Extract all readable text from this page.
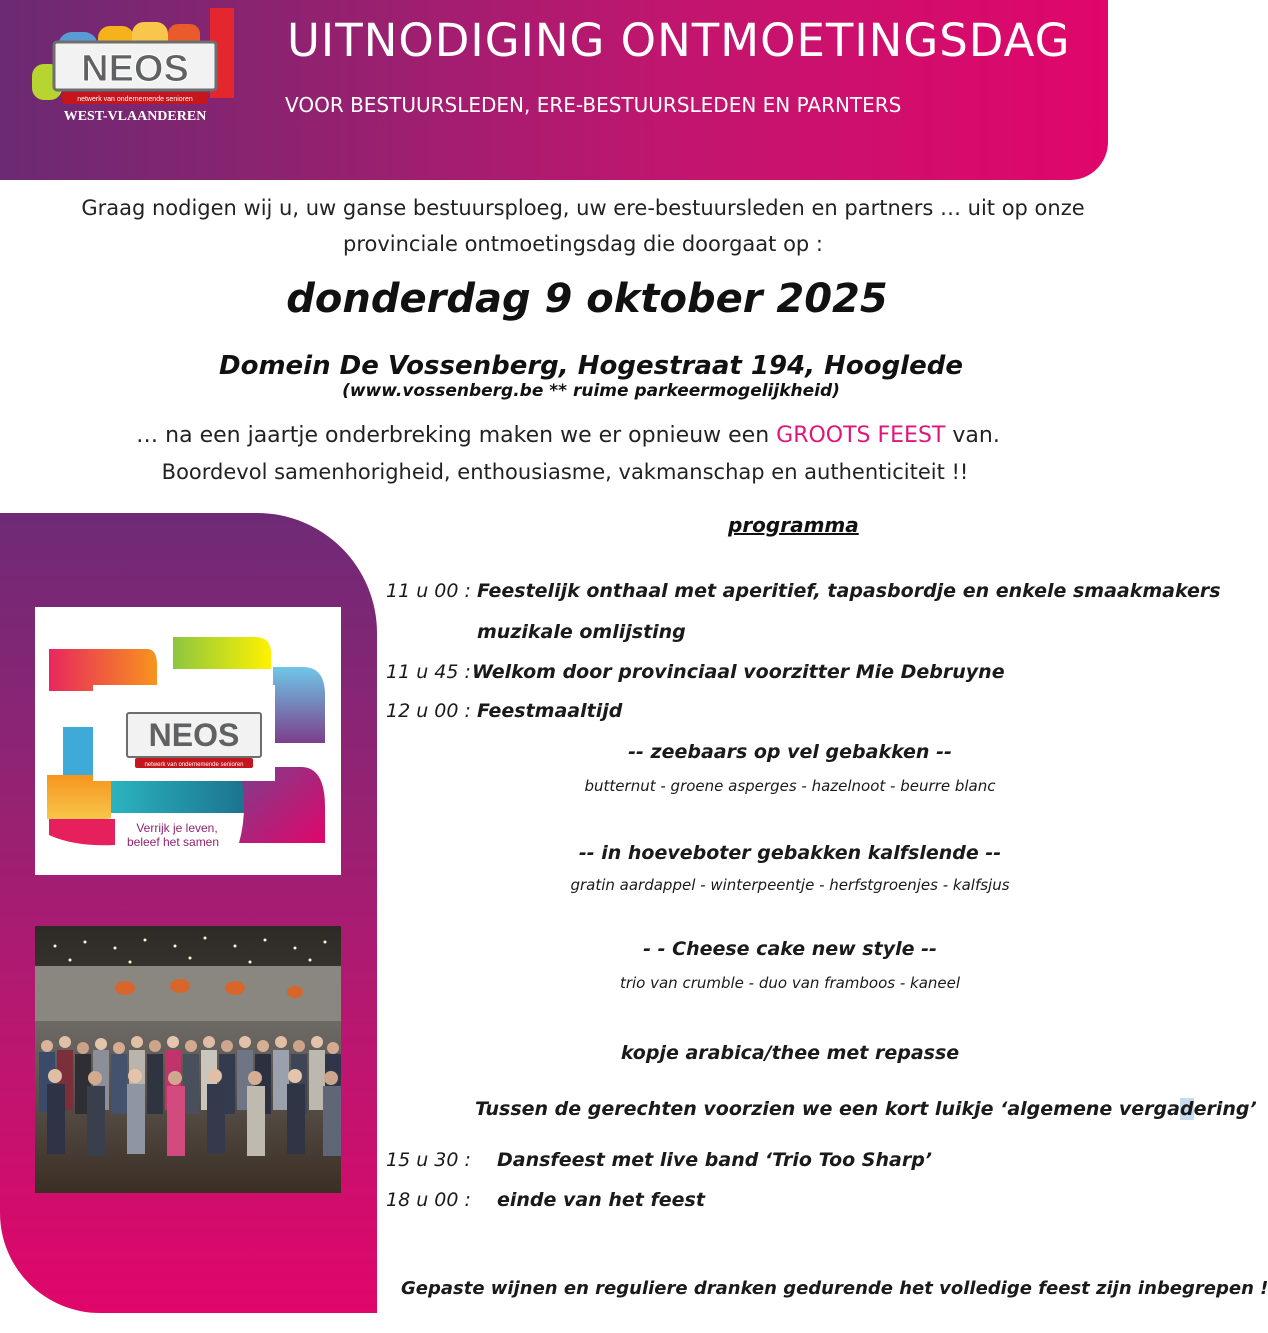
NEOS
netwerk van ondernemende senioren
WEST-VLAANDEREN
UITNODIGING ONTMOETINGSDAG
VOOR BESTUURSLEDEN, ERE-BESTUURSLEDEN EN PARNTERS
Graag nodigen wij u, uw ganse bestuursploeg, uw ere-bestuursleden en partners … uit op onze
provinciale ontmoetingsdag die doorgaat op :
donderdag 9 oktober 2025
Domein De Vossenberg, Hogestraat 194, Hooglede
(www.vossenberg.be ** ruime parkeermogelijkheid)
… na een jaartje onderbreking maken we er opnieuw een GROOTS FEEST van.
Boordevol samenhorigheid, enthousiasme, vakmanschap en authenticiteit !!
NEOS
netwerk van ondernemende senioren
Verrijk je leven,
beleef het samen
programma
11 u 00 : Feestelijk onthaal met aperitief, tapasbordje en enkele smaakmakers
muzikale omlijsting
11 u 45 : Welkom door provinciaal voorzitter Mie Debruyne
12 u 00 : Feestmaaltijd
-- zeebaars op vel gebakken --
butternut - groene asperges - hazelnoot - beurre blanc
-- in hoeveboter gebakken kalfslende --
gratin aardappel - winterpeentje - herfstgroenjes - kalfsjus
- - Cheese cake new style --
trio van crumble - duo van framboos - kaneel
kopje arabica/thee met repasse
Tussen de gerechten voorzien we een kort luikje ‘algemene vergadering’
15 u 30 : Dansfeest met live band ‘Trio Too Sharp’
18 u 00 : einde van het feest
Gepaste wijnen en reguliere dranken gedurende het volledige feest zijn inbegrepen !
